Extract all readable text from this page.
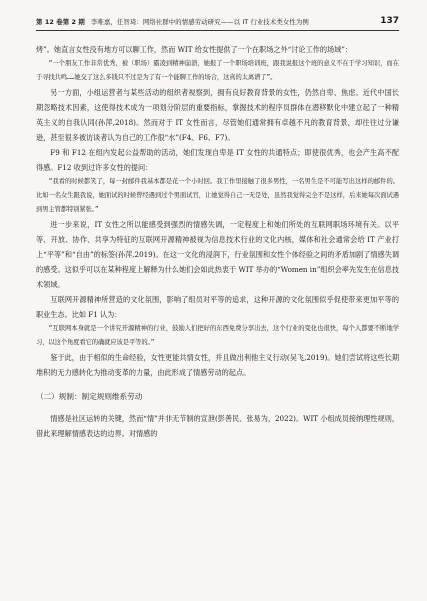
第 12 卷第 2 期 李唯嘉，任智琦：网络社群中的情感劳动研究——以 IT 行业技术类女性为例	137

烤”。她直言女性没有地方可以聊工作，然而 WIT 给女性提供了一个在职场之外“讨论工作的场域”：

“一个朋友工作非常优秀，被（职场）霸凌到精神崩溃，她报了一个职场培训班，跟我说报这个班的意义不在于学习知识，而在于寻找共鸣……她交了这么多钱只不过是为了有一个能聊工作的场合，这真的太离谱了”。

另一方面，小组运营者与某些活动的组织者视察到，拥有良好教育背景的女性，仍然自卑、焦虑。近代中国长期忽略技术因素，这使得技术成为一项划分阶层的重要指标，掌握技术的程序员群体在潜移默化中建立起了一种精英主义的自我认同(孙萍,2018)。然而对于 IT 女性而言，尽管她们通常拥有卓越不凡的教育背景，却往往过分谦逊，甚至很多被访谈者认为自己的工作很“水”(F4、F6、F7)。

F9 和 F12 在组内发起公益帮助的活动，她们发现自卑是 IT 女性的共通特点；即使很优秀，也会产生高不配得感。F12 收到过许多女性的提问：

“我看的时候都笑了，每一封邮件我基本都是花一个小时回。我工作里接触了很多男性，一名男生是不可能写出这样的邮件的。比如一名女生跟我说，她面试的时候曾经遇到过个男面试官，让她觉得自己一无是处，虽然我觉得完全不是这样，后来她每次面试遇到男主管都特别紧张。”

进一步来说，IT 女性之所以能感受到强烈的情感失调，一定程度上和她们所处的互联网职场环境有关。以平等、开放、协作、共享为特征的互联网开源精神被视为信息技术行业的文化内核，媒体和社会通常会给 IT 产业打上“平等”和“自由”的标签(孙萍,2019)。在这一文化的浸润下，行业氛围和女性个体经验之间的矛盾加剧了情感失调的感受。这似乎可以在某种程度上解释为什么她们会如此热衷于 WIT 举办的“Women in”组织会率先发生在信息技术领域。

互联网开源精神所营造的文化氛围，影响了组员对平等的追求，这种开源的文化氛围似乎促使带来更加平等的职业生态。比如 F1 认为：

“互联网本身就是一个讲究开源精神的行业，鼓励人们把好的东西免费分享出去，这个行业的变化也很快，每个人都要不断地学习，以这个角度看它的确就应该是平等的。”

鉴于此，由于相似的生命经验，女性更能共情女性，并且做出利他主义行动(吴飞,2019)。她们尝试将这些长期堆积的无力感转化为推动变革的力量，由此形成了情感劳动的起点。

（二）规制：制定规则维系劳动

情感是社区运转的关键，然而“情”并非无节制的宣泄(彭善民、张易为，2022)。WIT 小组成员接纳理性规则，借此来理解情感表达的边界。对情感的
